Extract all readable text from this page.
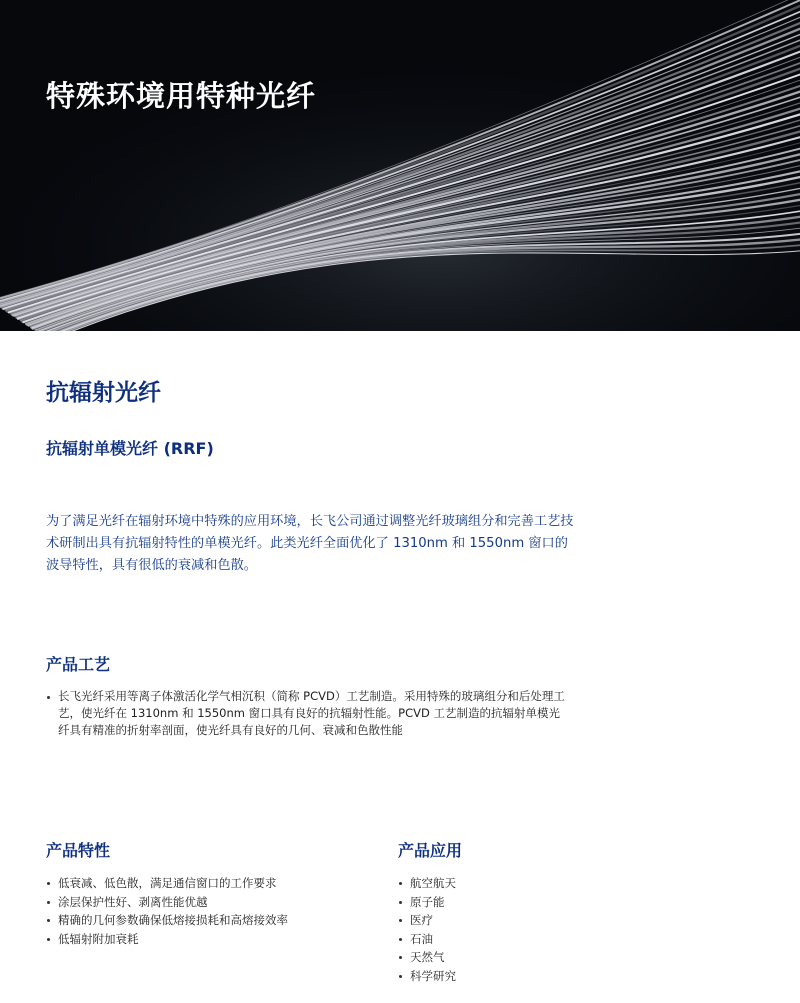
特殊环境用特种光纤
抗辐射光纤
抗辐射单模光纤 (RRF)

为了满足光纤在辐射环境中特殊的应用环境，长飞公司通过调整光纤玻璃组分和完善工艺技术研制出具有抗辐射特性的单模光纤。此类光纤全面优化了 1310nm 和 1550nm 窗口的波导特性，具有很低的衰减和色散。

产品工艺
长飞光纤采用等离子体激活化学气相沉积（简称 PCVD）工艺制造。采用特殊的玻璃组分和后处理工艺，使光纤在 1310nm 和 1550nm 窗口具有良好的抗辐射性能。PCVD 工艺制造的抗辐射单模光纤具有精准的折射率剖面，使光纤具有良好的几何、衰减和色散性能
产品特性
低衰减、低色散，满足通信窗口的工作要求
涂层保护性好、剥离性能优越
精确的几何参数确保低熔接损耗和高熔接效率
低辐射附加衰耗
产品应用
航空航天
原子能
医疗
石油
天然气
科学研究
